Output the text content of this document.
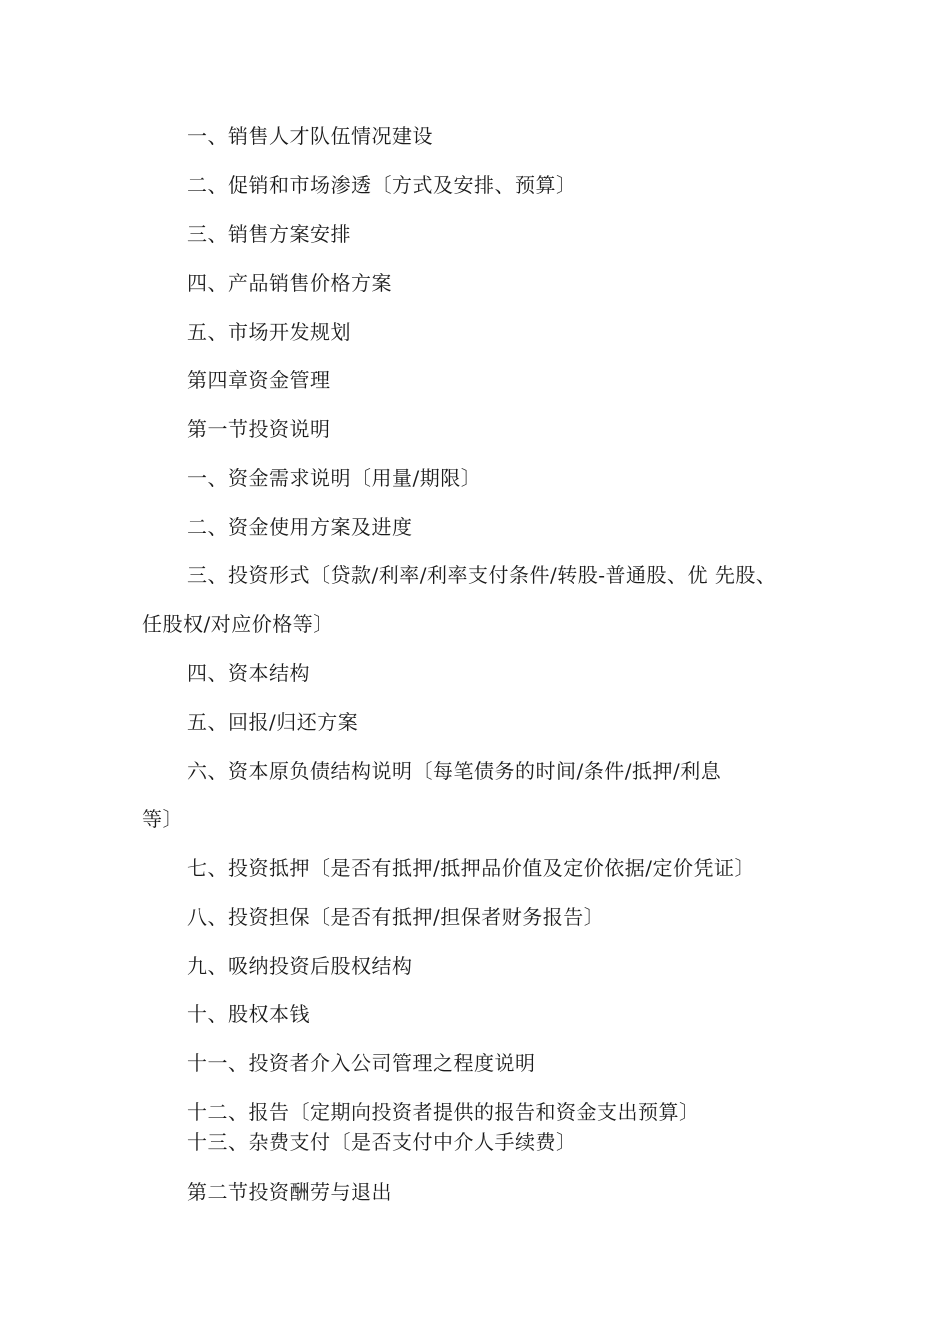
一、销售人才队伍情况建设
二、促销和市场渗透〔方式及安排、预算〕
三、销售方案安排
四、产品销售价格方案
五、市场开发规划
第四章资金管理
第一节投资说明
一、资金需求说明〔用量/期限〕
二、资金使用方案及进度
三、投资形式〔贷款/利率/利率支付条件/转股-普通股、优 先股、
任股权/对应价格等〕
四、资本结构
五、回报/归还方案
六、资本原负债结构说明〔每笔债务的时间/条件/抵押/利息
等〕
七、投资抵押〔是否有抵押/抵押品价值及定价依据/定价凭证〕
八、投资担保〔是否有抵押/担保者财务报告〕
九、吸纳投资后股权结构
十、股权本钱
十一、投资者介入公司管理之程度说明
十二、报告〔定期向投资者提供的报告和资金支出预算〕
十三、杂费支付〔是否支付中介人手续费〕
第二节投资酬劳与退出
